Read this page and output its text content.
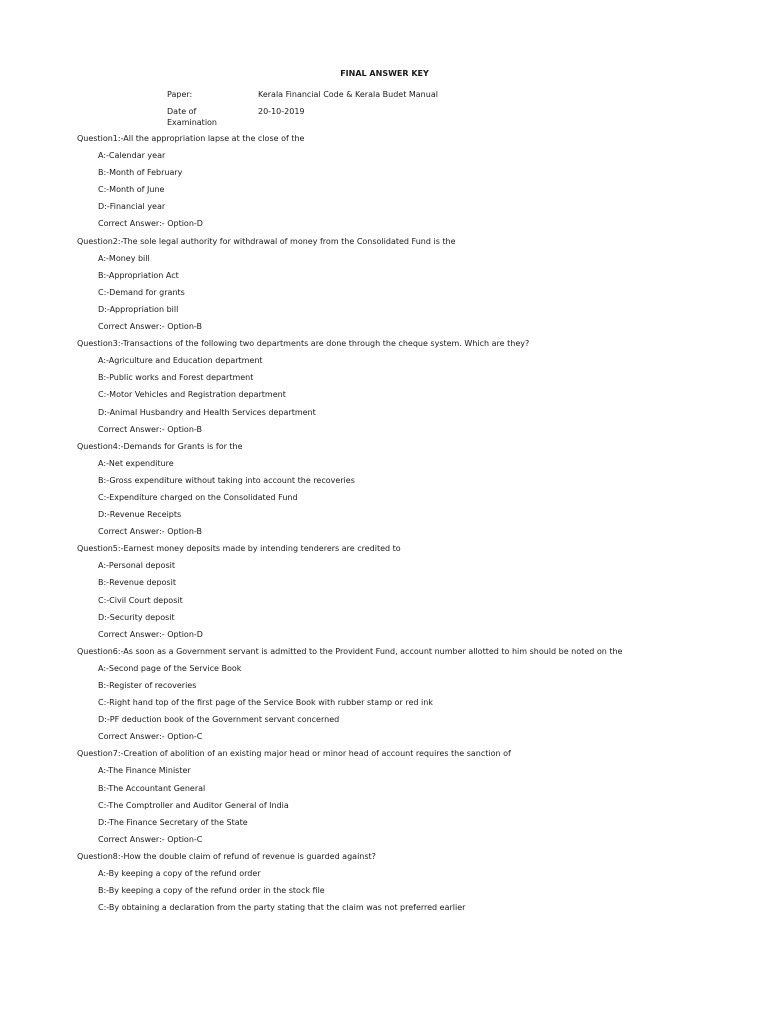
FINAL ANSWER KEY
Paper:	Kerala Financial Code & Kerala Budet Manual
Date of
Examination
20-10-2019
Question1:-All the appropriation lapse at the close of the
A:-Calendar year
B:-Month of February
C:-Month of June
D:-Financial year
Correct Answer:- Option-D
Question2:-The sole legal authority for withdrawal of money from the Consolidated Fund is the
A:-Money bill
B:-Appropriation Act
C:-Demand for grants
D:-Appropriation bill
Correct Answer:- Option-B
Question3:-Transactions of the following two departments are done through the cheque system. Which are they?
A:-Agriculture and Education department
B:-Public works and Forest department
C:-Motor Vehicles and Registration department
D:-Animal Husbandry and Health Services department
Correct Answer:- Option-B
Question4:-Demands for Grants is for the
A:-Net expenditure
B:-Gross expenditure without taking into account the recoveries
C:-Expenditure charged on the Consolidated Fund
D:-Revenue Receipts
Correct Answer:- Option-B
Question5:-Earnest money deposits made by intending tenderers are credited to
A:-Personal deposit
B:-Revenue deposit
C:-Civil Court deposit
D:-Security deposit
Correct Answer:- Option-D
Question6:-As soon as a Government servant is admitted to the Provident Fund, account number allotted to him should be noted on the
A:-Second page of the Service Book
B:-Register of recoveries
C:-Right hand top of the first page of the Service Book with rubber stamp or red ink
D:-PF deduction book of the Government servant concerned
Correct Answer:- Option-C
Question7:-Creation of abolition of an existing major head or minor head of account requires the sanction of
A:-The Finance Minister
B:-The Accountant General
C:-The Comptroller and Auditor General of India
D:-The Finance Secretary of the State
Correct Answer:- Option-C
Question8:-How the double claim of refund of revenue is guarded against?
A:-By keeping a copy of the refund order
B:-By keeping a copy of the refund order in the stock file
C:-By obtaining a declaration from the party stating that the claim was not preferred earlier
